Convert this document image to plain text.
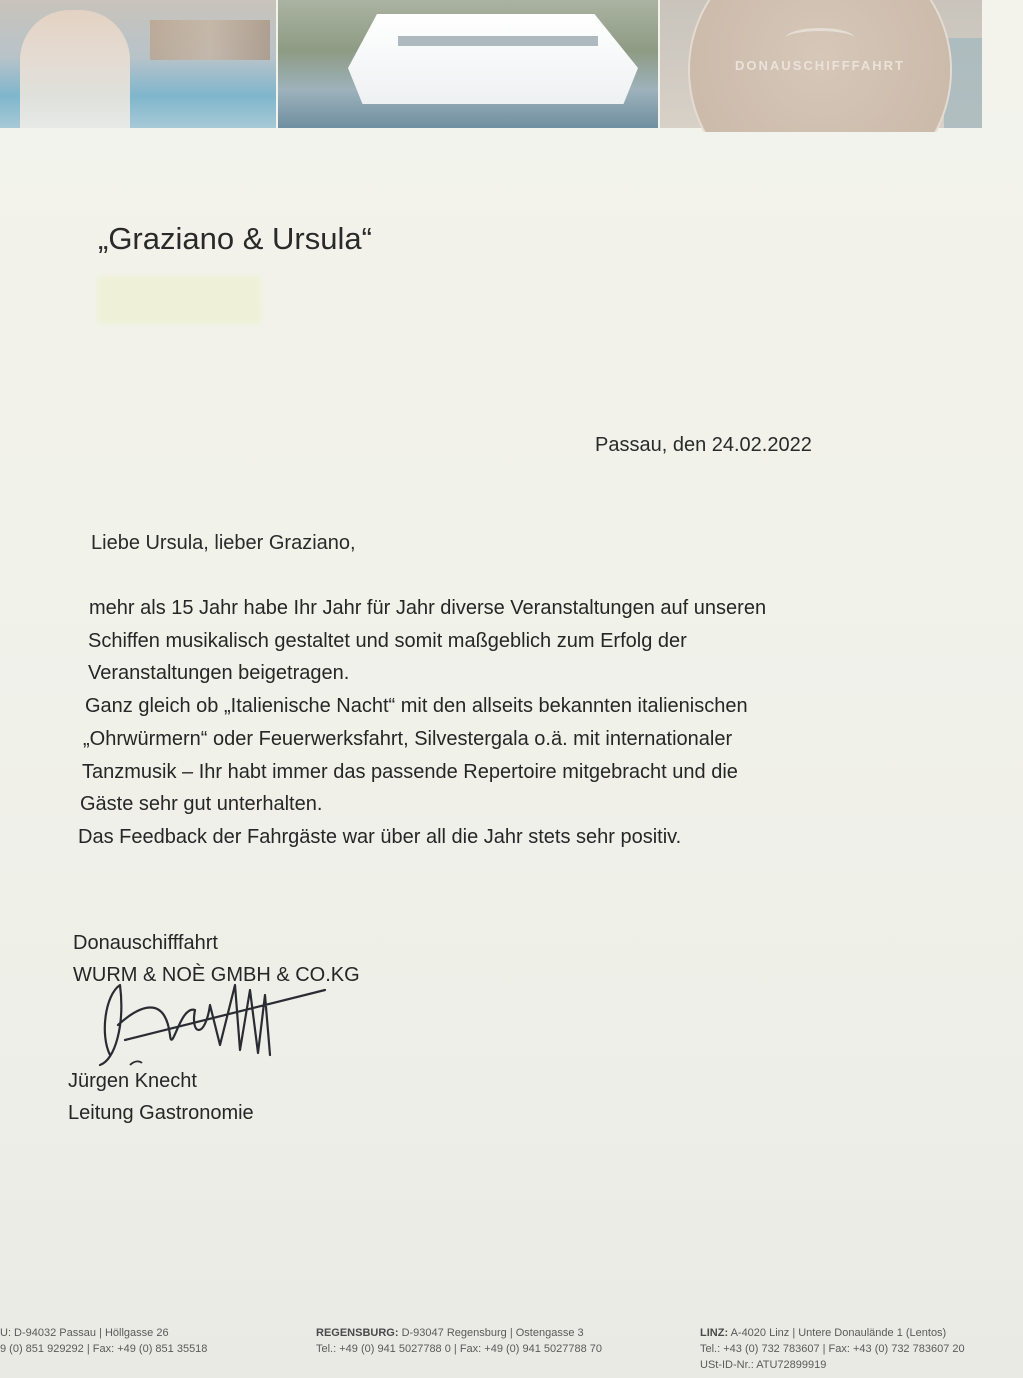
DONAUSCHIFFFAHRT
„Graziano & Ursula“
Passau, den 24.02.2022
Liebe Ursula, lieber Graziano,

mehr als 15 Jahr habe Ihr Jahr für Jahr diverse Veranstaltungen auf unseren

Schiffen musikalisch gestaltet und somit maßgeblich zum Erfolg der

Veranstaltungen beigetragen.

Ganz gleich ob „Italienische Nacht“ mit den allseits bekannten italienischen

„Ohrwürmern“ oder Feuerwerksfahrt, Silvestergala o.ä. mit internationaler

Tanzmusik – Ihr habt immer das passende Repertoire mitgebracht und die

Gäste sehr gut unterhalten.

Das Feedback der Fahrgäste war über all die Jahr stets sehr positiv.

Donauschifffahrt
WURM & NOÈ GMBH & CO.KG
Jürgen Knecht
Leitung Gastronomie
U: D-94032 Passau | Höllgasse 26
9 (0) 851 929292 | Fax: +49 (0) 851 35518
REGENSBURG: D-93047 Regensburg | Ostengasse 3
Tel.: +49 (0) 941 5027788 0 | Fax: +49 (0) 941 5027788 70
LINZ: A-4020 Linz | Untere Donaulände 1 (Lentos)
Tel.: +43 (0) 732 783607 | Fax: +43 (0) 732 783607 20
USt-ID-Nr.: ATU72899919
